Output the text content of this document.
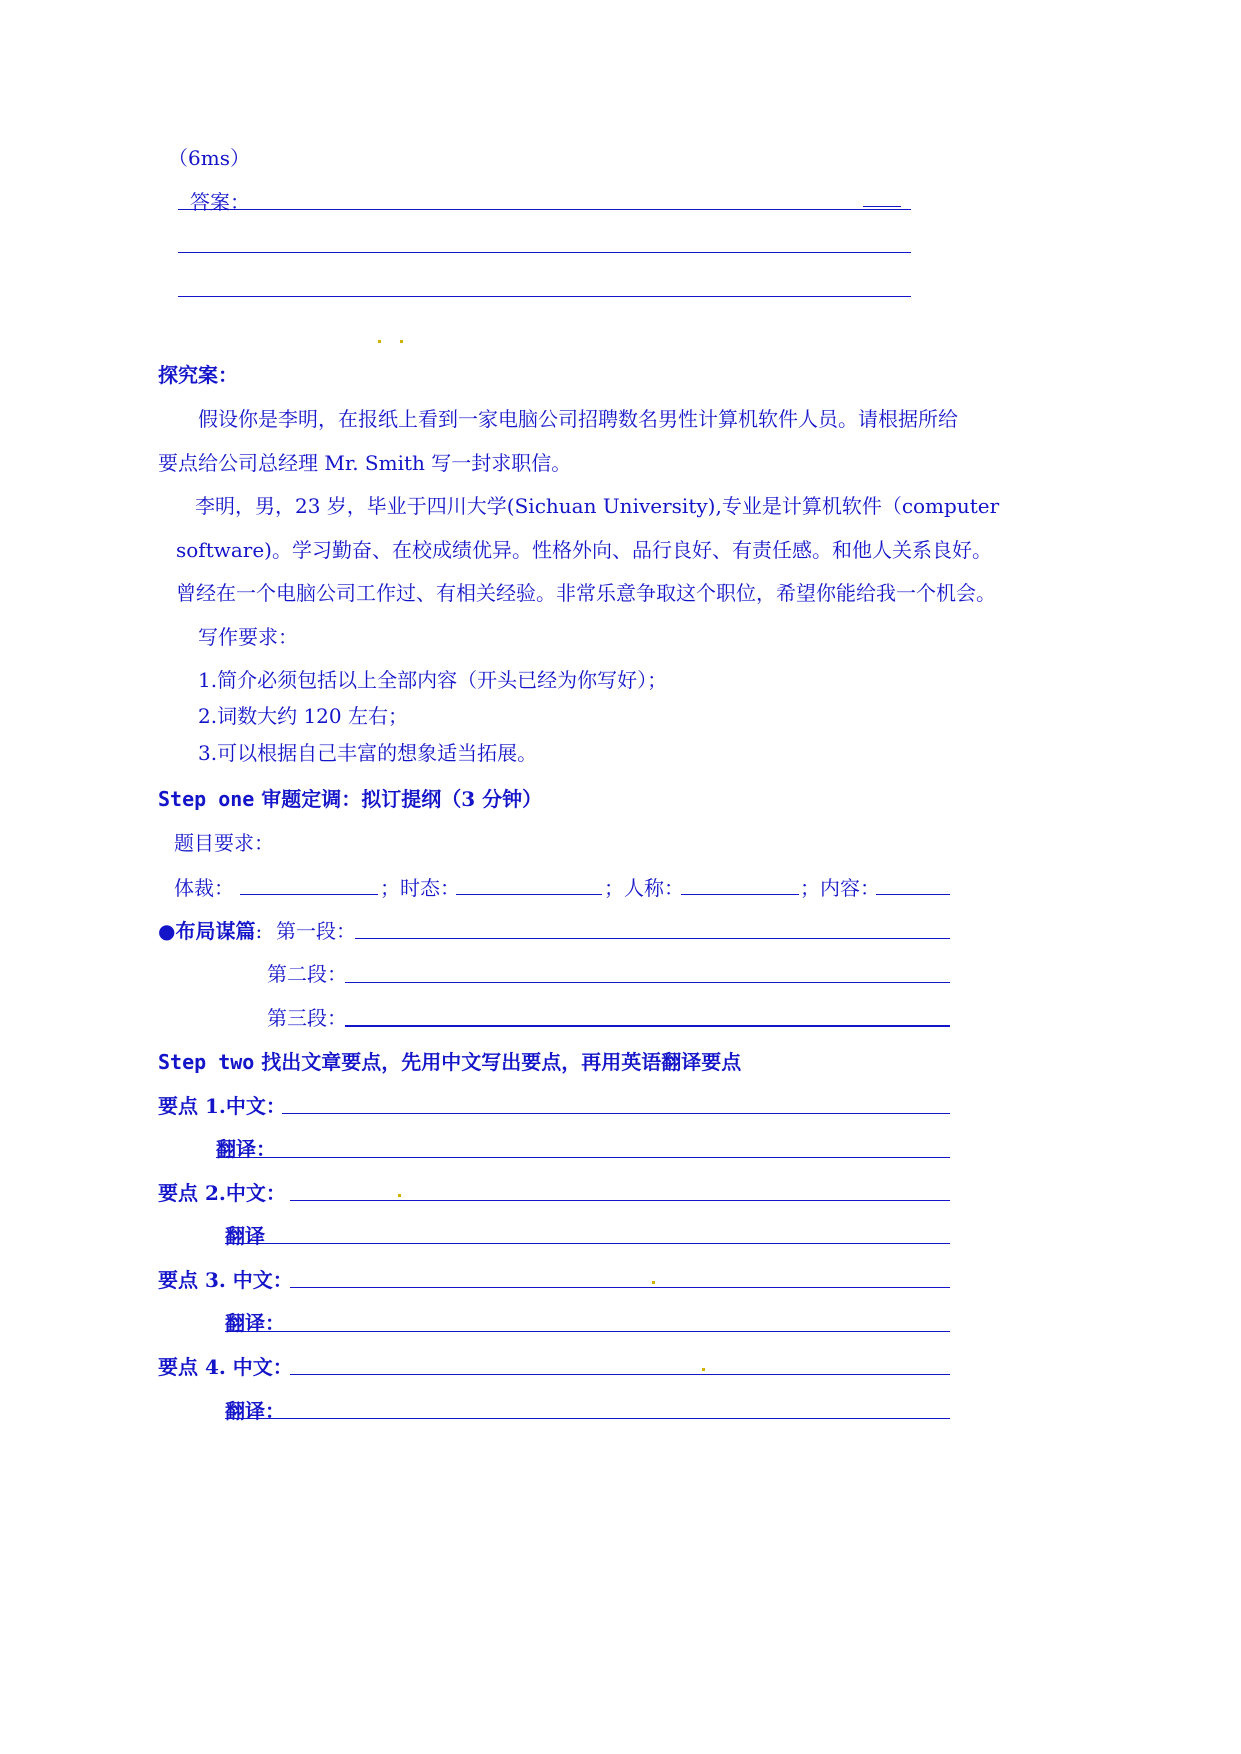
（6ms）
答案：
探究案：
假设你是李明，在报纸上看到一家电脑公司招聘数名男性计算机软件人员。请根据所给
要点给公司总经理 Mr. Smith 写一封求职信。
李明，男，23 岁，毕业于四川大学(Sichuan University),专业是计算机软件（computer
software)。学习勤奋、在校成绩优异。性格外向、品行良好、有责任感。和他人关系良好。
曾经在一个电脑公司工作过、有相关经验。非常乐意争取这个职位，希望你能给我一个机会。
写作要求：
1.简介必须包括以上全部内容（开头已经为你写好）；
2.词数大约 120 左右；
3.可以根据自己丰富的想象适当拓展。
Step one 审题定调：拟订提纲（3 分钟）
题目要求：
体裁：	；时态：	；人称：	；内容：
●布局谋篇: 第一段：
第二段：
第三段：
Step two 找出文章要点，先用中文写出要点，再用英语翻译要点
要点 1.中文：
翻译：
要点 2.中文：
翻译
要点 3. 中文：
翻译：
要点 4. 中文：
翻译：
